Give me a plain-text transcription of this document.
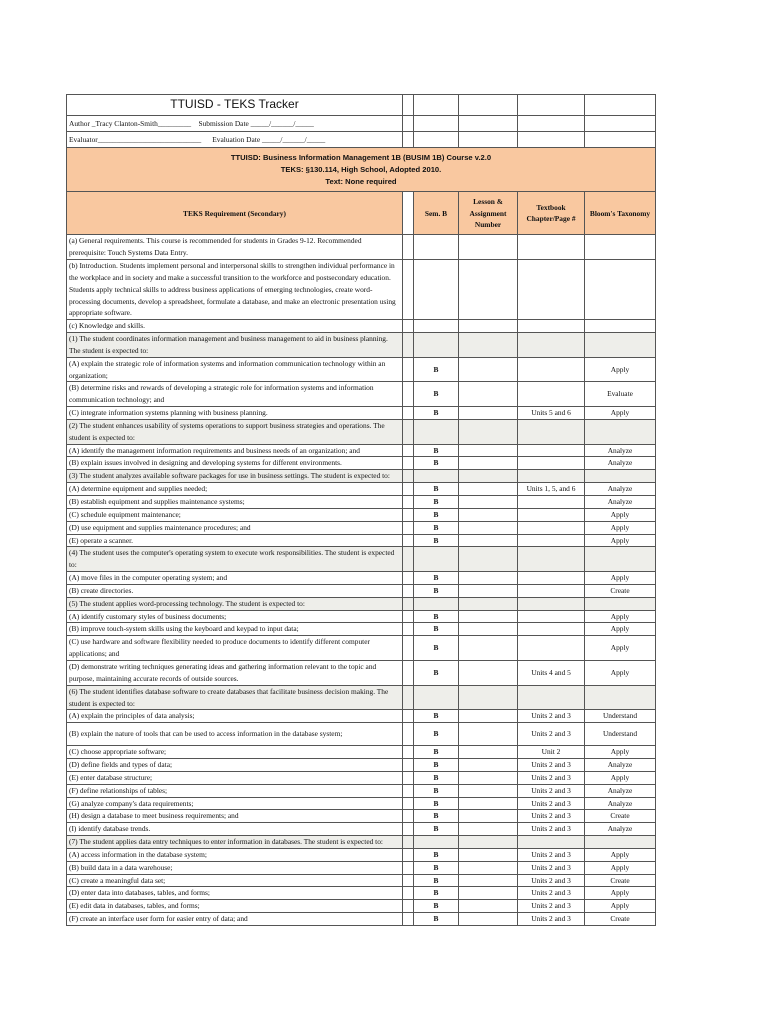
TTUISD - TEKS Tracker					
Author _Tracy Clanton-Smith_________ Submission Date _____/______/_____					
Evaluator____________________________ Evaluation Date _____/______/_____					

TTUISD: Business Information Management 1B (BUSIM 1B) Course v.2.0
TEKS: §130.114, High School, Adopted 2010.
Text: None required					

TEKS Requirement (Secondary)		Sem. B	Lesson & Assignment Number	Textbook Chapter/Page #	Bloom's Taxonomy
(a) General requirements. This course is recommended for students in Grades 9-12. Recommended prerequisite: Touch Systems Data Entry.					
(b) Introduction. Students implement personal and interpersonal skills to strengthen individual performance in the workplace and in society and make a successful transition to the workforce and postsecondary education. Students apply technical skills to address business applications of emerging technologies, create word-processing documents, develop a spreadsheet, formulate a database, and make an electronic presentation using appropriate software.					
(c) Knowledge and skills.					
(1) The student coordinates information management and business management to aid in business planning. The student is expected to:					
(A) explain the strategic role of information systems and information communication technology within an organization;		B			Apply
(B) determine risks and rewards of developing a strategic role for information systems and information communication technology; and		B			Evaluate
(C) integrate information systems planning with business planning.		B		Units 5 and 6	Apply
(2) The student enhances usability of systems operations to support business strategies and operations. The student is expected to:					
(A) identify the management information requirements and business needs of an organization; and		B			Analyze
(B) explain issues involved in designing and developing systems for different environments.		B			Analyze
(3) The student analyzes available software packages for use in business settings. The student is expected to:					
(A) determine equipment and supplies needed;		B		Units 1, 5, and 6	Analyze
(B) establish equipment and supplies maintenance systems;		B			Analyze
(C) schedule equipment maintenance;		B			Apply
(D) use equipment and supplies maintenance procedures; and		B			Apply
(E) operate a scanner.		B			Apply
(4) The student uses the computer's operating system to execute work responsibilities. The student is expected to:					
(A) move files in the computer operating system; and		B			Apply
(B) create directories.		B			Create
(5) The student applies word-processing technology. The student is expected to:					
(A) identify customary styles of business documents;		B			Apply
(B) improve touch-system skills using the keyboard and keypad to input data;		B			Apply
(C) use hardware and software flexibility needed to produce documents to identify different computer applications; and		B			Apply
(D) demonstrate writing techniques generating ideas and gathering information relevant to the topic and purpose, maintaining accurate records of outside sources.		B		Units 4 and 5	Apply
(6) The student identifies database software to create databases that facilitate business decision making. The student is expected to:					
(A) explain the principles of data analysis;		B		Units 2 and 3	Understand
(B) explain the nature of tools that can be used to access information in the database system;		B		Units 2 and 3	Understand
(C) choose appropriate software;		B		Unit 2	Apply
(D) define fields and types of data;		B		Units 2 and 3	Analyze
(E) enter database structure;		B		Units 2 and 3	Apply
(F) define relationships of tables;		B		Units 2 and 3	Analyze
(G) analyze company's data requirements;		B		Units 2 and 3	Analyze
(H) design a database to meet business requirements; and		B		Units 2 and 3	Create
(I) identify database trends.		B		Units 2 and 3	Analyze
(7) The student applies data entry techniques to enter information in databases. The student is expected to:					
(A) access information in the database system;		B		Units 2 and 3	Apply
(B) build data in a data warehouse;		B		Units 2 and 3	Apply
(C) create a meaningful data set;		B		Units 2 and 3	Create
(D) enter data into databases, tables, and forms;		B		Units 2 and 3	Apply
(E) edit data in databases, tables, and forms;		B		Units 2 and 3	Apply
(F) create an interface user form for easier entry of data; and		B		Units 2 and 3	Create
